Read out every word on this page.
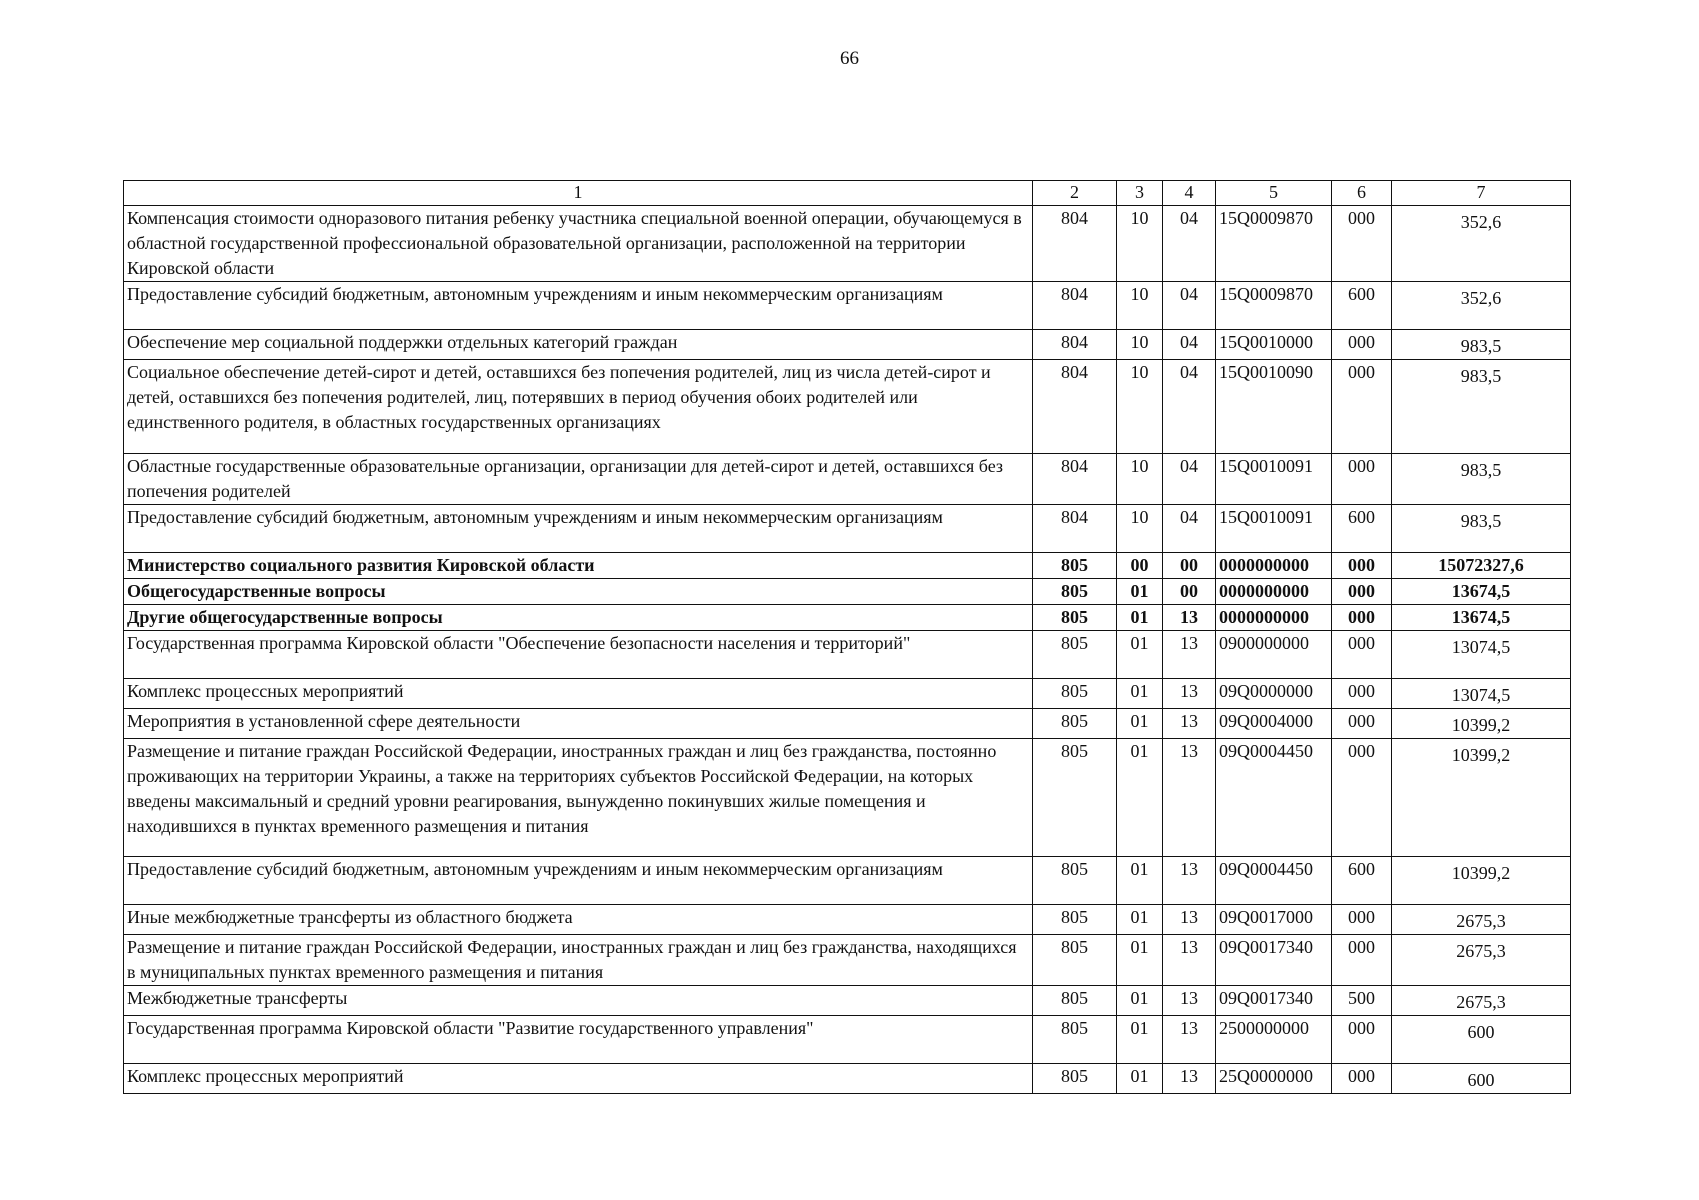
66
1	2	3	4	5	6	7
Компенсация стоимости одноразового питания ребенку участника специальной военной операции, обучающемуся в областной государственной профессиональной образовательной организации, расположенной на территории Кировской области	804	10	04	15Q0009870	000	352,6
Предоставление субсидий бюджетным, автономным учреждениям и иным некоммерческим организациям	804	10	04	15Q0009870	600	352,6
Обеспечение мер социальной поддержки отдельных категорий граждан	804	10	04	15Q0010000	000	983,5
Социальное обеспечение детей-сирот и детей, оставшихся без попечения родителей, лиц из числа детей-сирот и детей, оставшихся без попечения родителей, лиц, потерявших в период обучения обоих родителей или единственного родителя, в областных государственных организациях	804	10	04	15Q0010090	000	983,5
Областные государственные образовательные организации, организации для детей-сирот и детей, оставшихся без попечения родителей	804	10	04	15Q0010091	000	983,5
Предоставление субсидий бюджетным, автономным учреждениям и иным некоммерческим организациям	804	10	04	15Q0010091	600	983,5
Министерство социального развития Кировской области	805	00	00	0000000000	000	15072327,6
Общегосударственные вопросы	805	01	00	0000000000	000	13674,5
Другие общегосударственные вопросы	805	01	13	0000000000	000	13674,5
Государственная программа Кировской области "Обеспечение безопасности населения и территорий"	805	01	13	0900000000	000	13074,5
Комплекс процессных мероприятий	805	01	13	09Q0000000	000	13074,5
Мероприятия в установленной сфере деятельности	805	01	13	09Q0004000	000	10399,2
Размещение и питание граждан Российской Федерации, иностранных граждан и лиц без гражданства, постоянно проживающих на территории Украины, а также на территориях субъектов Российской Федерации, на которых введены максимальный и средний уровни реагирования, вынужденно покинувших жилые помещения и находившихся в пунктах временного размещения и питания	805	01	13	09Q0004450	000	10399,2
Предоставление субсидий бюджетным, автономным учреждениям и иным некоммерческим организациям	805	01	13	09Q0004450	600	10399,2
Иные межбюджетные трансферты из областного бюджета	805	01	13	09Q0017000	000	2675,3
Размещение и питание граждан Российской Федерации, иностранных граждан и лиц без гражданства, находящихся в муниципальных пунктах временного размещения и питания	805	01	13	09Q0017340	000	2675,3
Межбюджетные трансферты	805	01	13	09Q0017340	500	2675,3
Государственная программа Кировской области "Развитие государственного управления"	805	01	13	2500000000	000	600
Комплекс процессных мероприятий	805	01	13	25Q0000000	000	600
